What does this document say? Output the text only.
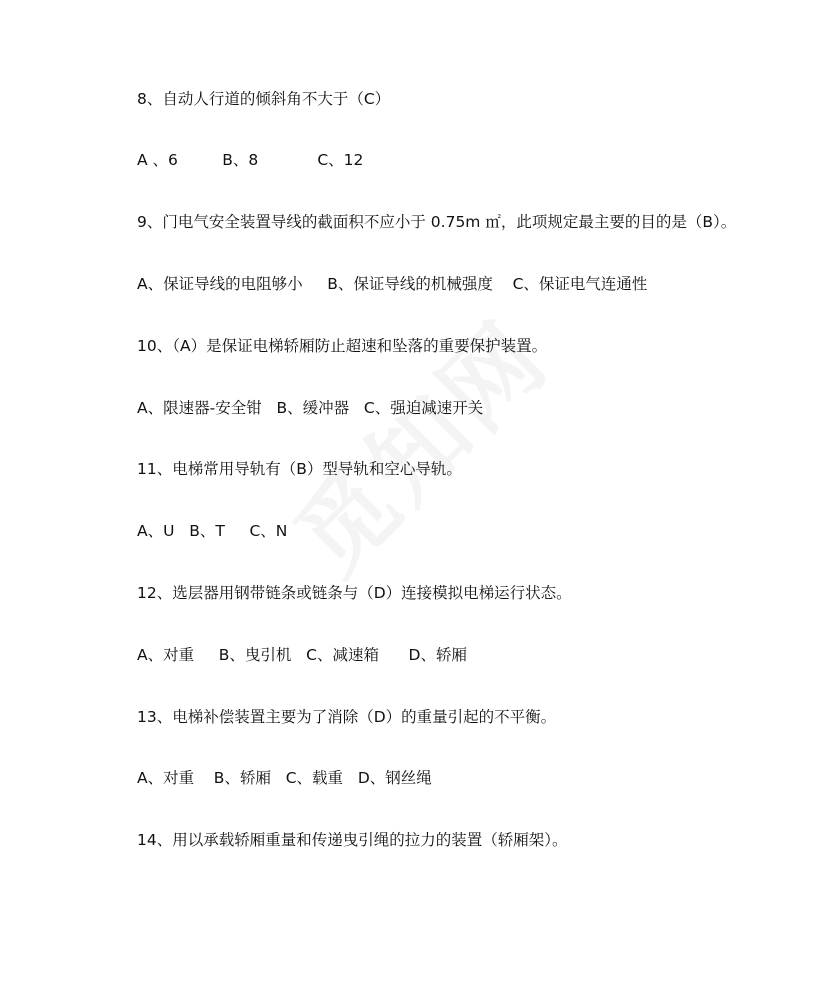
8、自动人行道的倾斜角不大于（C）
A 、6         B、8            C、12
9、门电气安全装置导线的截面积不应小于 0.75m ㎡，此项规定最主要的目的是（B）。
A、保证导线的电阻够小     B、保证导线的机械强度    C、保证电气连通性
10、（A）是保证电梯轿厢防止超速和坠落的重要保护装置。
A、限速器-安全钳   B、缓冲器   C、强迫减速开关
11、电梯常用导轨有（B）型导轨和空心导轨。
A、U   B、T     C、N
12、选层器用钢带链条或链条与（D）连接模拟电梯运行状态。
A、对重     B、曳引机   C、减速箱      D、轿厢
13、电梯补偿装置主要为了消除（D）的重量引起的不平衡。
A、对重    B、轿厢   C、载重   D、钢丝绳
14、用以承载轿厢重量和传递曳引绳的拉力的装置（轿厢架）。
